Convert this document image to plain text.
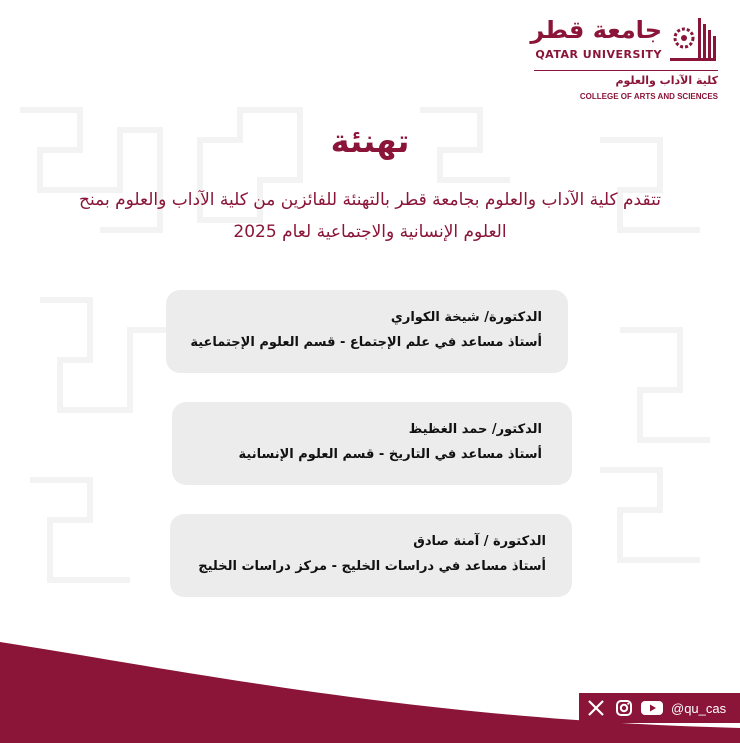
جامعة قطر
QATAR UNIVERSITY
كلية الآداب والعلوم
COLLEGE OF ARTS AND SCIENCES
تهنئة
تتقدم كلية الآداب والعلوم بجامعة قطر بالتهنئة للفائزين من كلية الآداب والعلوم بمنح العلوم الإنسانية والاجتماعية لعام 2025
الدكتورة/ شيخة الكواري
أستاذ مساعد في علم الإجتماع - قسم العلوم الإجتماعية
الدكتور/ حمد الغظيظ
أستاذ مساعد في التاريخ - قسم العلوم الإنسانية
الدكتورة / آمنة صادق
أستاذ مساعد في دراسات الخليج - مركز دراسات الخليج
@qu_cas
